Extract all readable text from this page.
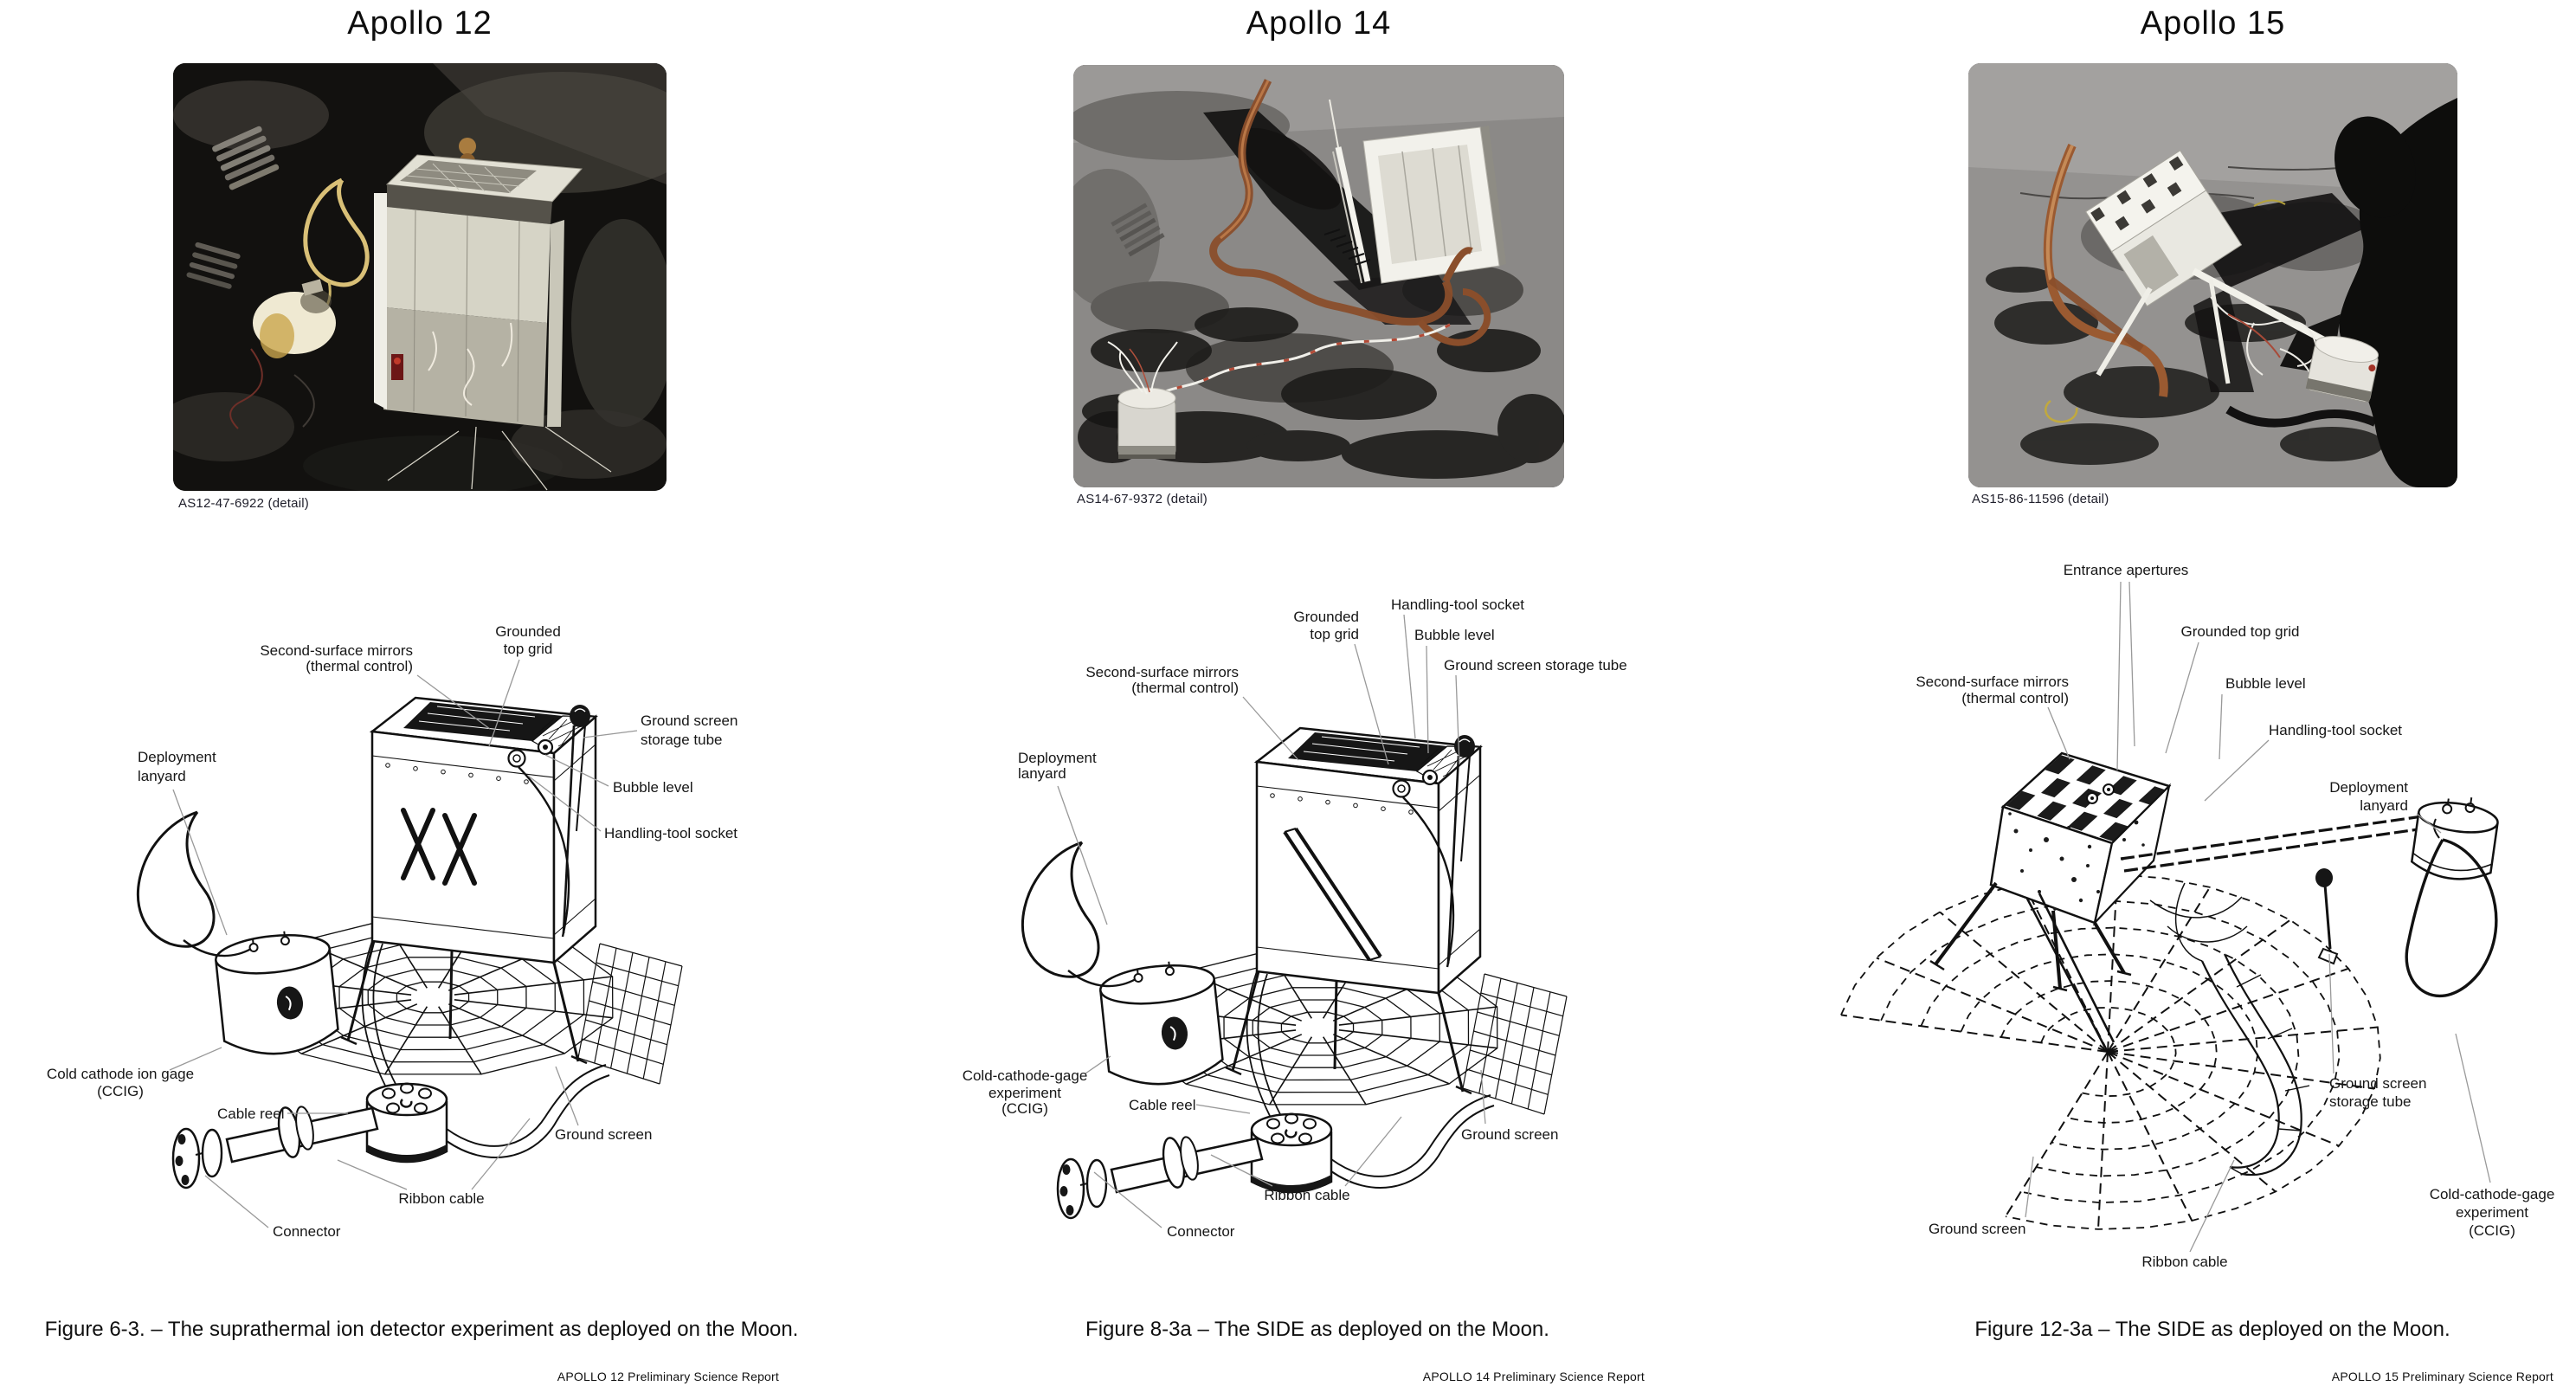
Apollo 12
AS12-47-6922 (detail)
Second-surface mirrors (thermal control)
Grounded top grid
Ground screen storage tube
Deployment lanyard
Bubble level
Handling-tool socket
Cold cathode ion gage (CCIG)
Cable reel
Ground screen
Ribbon cable
Connector
Figure 6-3. – The suprathermal ion detector experiment as deployed on the Moon.
APOLLO 12 Preliminary Science Report
Apollo 14
AS14-67-9372 (detail)
Handling-tool socket
Grounded top grid	Bubble level
Ground screen storage tube
Second-surface mirrors (thermal control)
Deployment lanyard
Cold-cathode-gage experiment (CCIG)	Cable reel
Ground screen
Ribbon cable
Connector
Figure 8-3a – The SIDE as deployed on the Moon.
APOLLO 14 Preliminary Science Report
Apollo 15
AS15-86-11596 (detail)
Entrance apertures
Grounded top grid
Second-surface mirrors (thermal control)
Bubble level
Handling-tool socket
Deployment lanyard
Ground screen storage tube
Ground screen
Ribbon cable
Cold-cathode-gage experiment (CCIG)
Figure 12-3a – The SIDE as deployed on the Moon.
APOLLO 15 Preliminary Science Report
